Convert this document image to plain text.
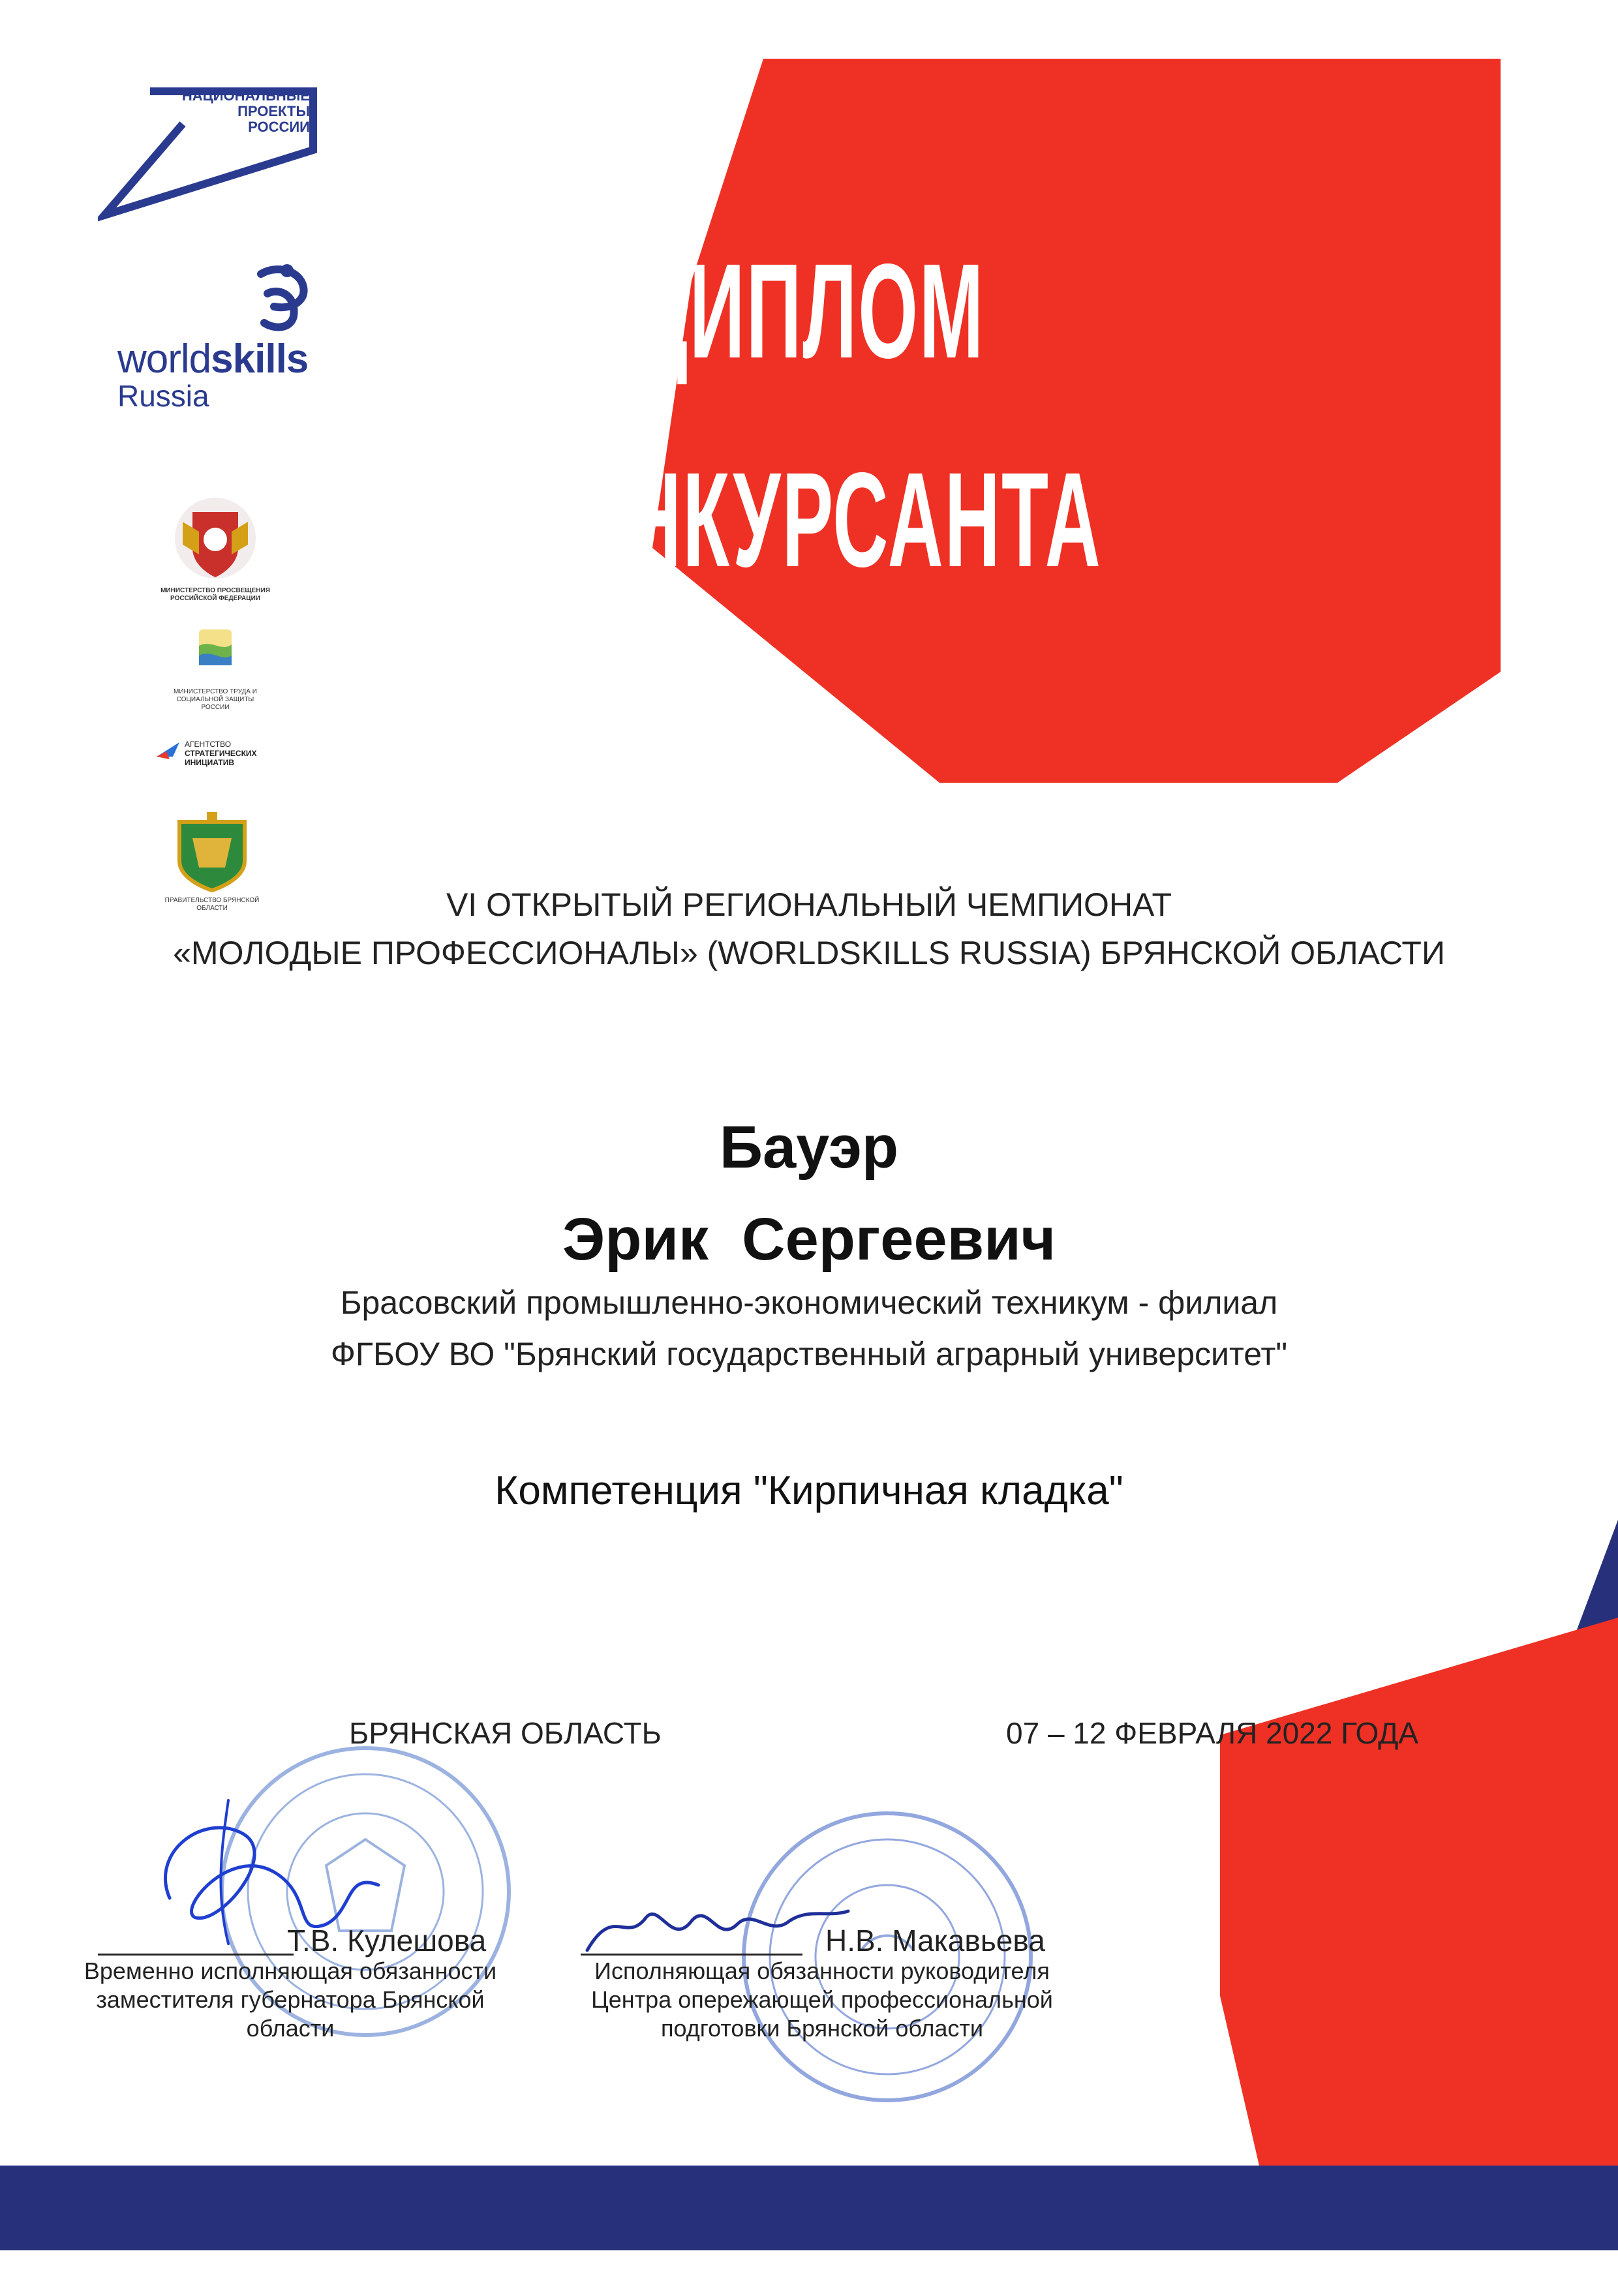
ДИПЛОМ
КОНКУРСАНТА
НАЦИОНАЛЬНЫЕ
ПРОЕКТЫ
РОССИИ
worldskills
Russia
МИНИСТЕРСТВО ПРОСВЕЩЕНИЯ РОССИЙСКОЙ ФЕДЕРАЦИИ
МИНИСТЕРСТВО ТРУДА И СОЦИАЛЬНОЙ ЗАЩИТЫ РОССИИ
АГЕНТСТВО
СТРАТЕГИЧЕСКИХ
ИНИЦИАТИВ
ПРАВИТЕЛЬСТВО БРЯНСКОЙ ОБЛАСТИ	VI ОТКРЫТЫЙ РЕГИОНАЛЬНЫЙ ЧЕМПИОНАТ
«МОЛОДЫЕ ПРОФЕССИОНАЛЫ» (WORLDSKILLS RUSSIA) БРЯНСКОЙ ОБЛАСТИ
Бауэр
Эрик  Сергеевич
Брасовский промышленно-экономический техникум - филиал
ФГБОУ ВО "Брянский государственный аграрный университет"
Компетенция "Кирпичная кладка"
БРЯНСКАЯ ОБЛАСТЬ	07 – 12 ФЕВРАЛЯ 2022 ГОДА
Т.В. Кулешова
Временно исполняющая обязанности
заместителя губернатора Брянской
области
Н.В. Макавьева
Исполняющая обязанности руководителя
Центра опережающей профессиональной
подготовки Брянской области
